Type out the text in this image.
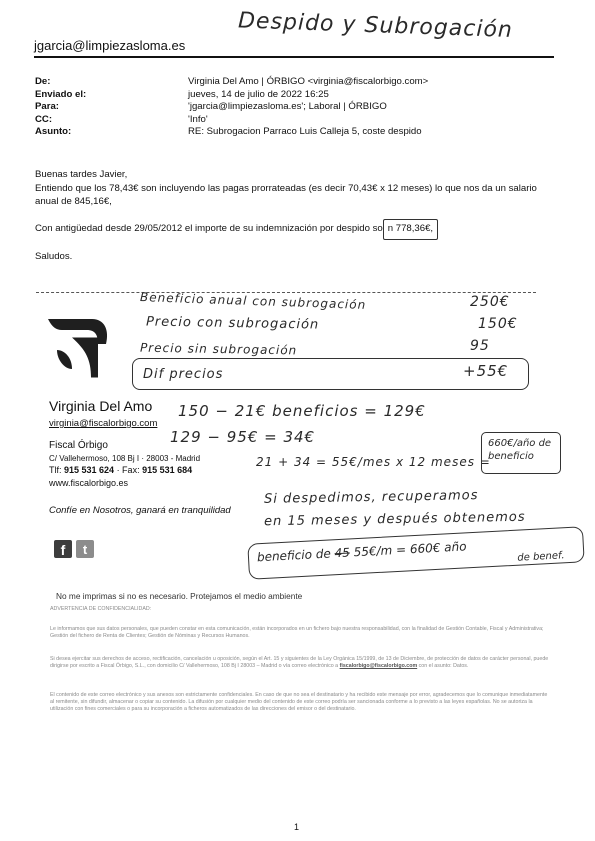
jgarcia@limpiezasloma.es
Despido y Subrogación
De:	Virginia Del Amo | ÓRBIGO <virginia@fiscalorbigo.com>
Enviado el:	jueves, 14 de julio de 2022 16:25
Para:	'jgarcia@limpiezasloma.es'; Laboral | ÓRBIGO
CC:	'Info'
Asunto:	RE: Subrogacion Parraco Luis Calleja 5, coste despido
Buenas tardes Javier,
Entiendo que los 78,43€ son incluyendo las pagas prorrateadas (es decir 70,43€ x 12 meses) lo que nos da un salario
anual de 845,16€,
Con antigüedad desde 29/05/2012 el importe de su indemnización por despido so n 778,36€,
Saludos.
Beneficio anual con subrogación	250€
Precio con subrogación	150€
Precio sin subrogación	95
Dif precios	+55€
150 − 21€ beneficios = 129€
129 − 95€ = 34€
21 + 34 = 55€/mes x 12 meses =
660€/año de beneficio
Si despedimos, recuperamos
en 15 meses y después obtenemos
beneficio de 45 55€/m = 660€ año	de benef.
Virginia Del Amo
virginia@fiscalorbigo.com
Fiscal Órbigo
C/ Vallehermoso, 108 Bj I · 28003 - Madrid
Tlf: 915 531 624 · Fax: 915 531 684
www.fiscalorbigo.es
Confíe en Nosotros, ganará en tranquilidad
f	t
No me imprimas si no es necesario. Protejamos el medio ambiente
ADVERTENCIA DE CONFIDENCIALIDAD:
Le informamos que sus datos personales, que pueden constar en esta comunicación, están incorporados en un fichero bajo nuestra responsabilidad, con la finalidad de Gestión Contable, Fiscal y Administrativa; Gestión del fichero de Renta de Clientes; Gestión de Nóminas y Recursos Humanos.
Si desea ejercitar sus derechos de acceso, rectificación, cancelación u oposición, según el Art. 15 y siguientes de la Ley Orgánica 15/1999, de 13 de Diciembre, de protección de datos de carácter personal, puede dirigirse por escrito a Fiscal Órbigo, S.L., con domicilio C/ Vallehermoso, 108 Bj I 28003 – Madrid o vía correo electrónico a fiscalorbigo@fiscalorbigo.com con el asunto: Datos.
El contenido de este correo electrónico y sus anexos son estrictamente confidenciales. En caso de que no sea el destinatario y ha recibido este mensaje por error, agradecemos que lo comunique inmediatamente al remitente, sin difundir, almacenar o copiar su contenido. La difusión por cualquier medio del contenido de este correo podría ser sancionada conforme a lo previsto a las leyes españolas. No se autoriza la utilización con fines comerciales o para su incorporación a ficheros automatizados de las direcciones del emisor o del destinatario.
1
